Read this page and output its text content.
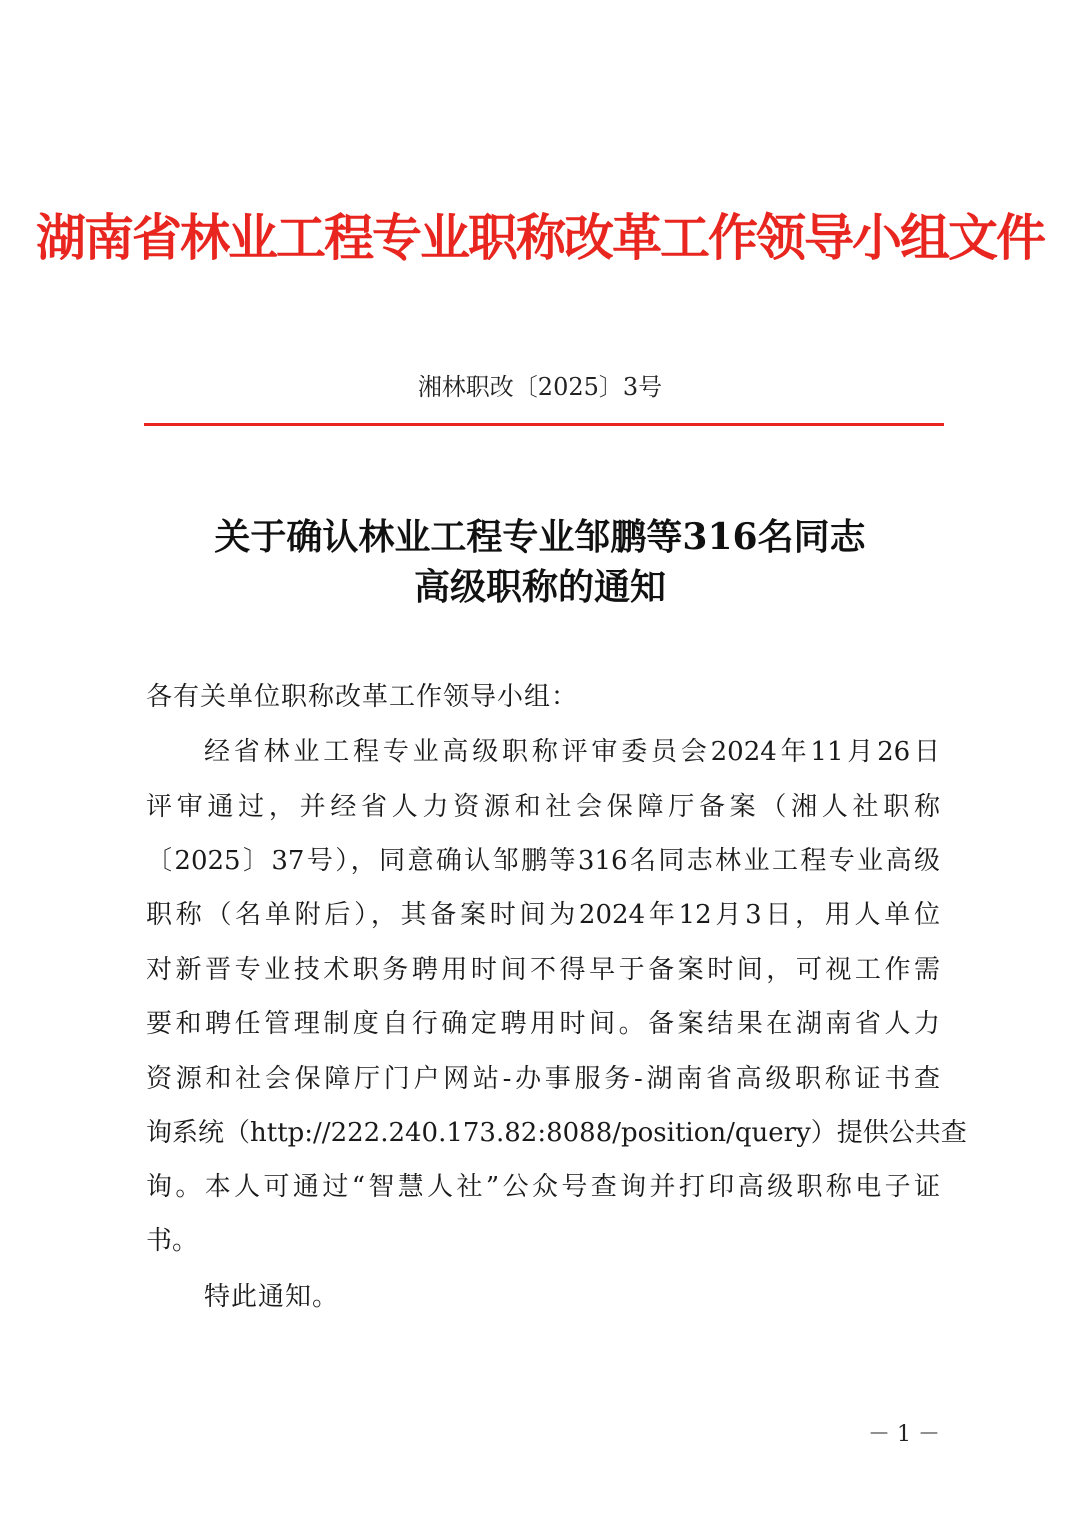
湖南省林业工程专业职称改革工作领导小组文件
湘林职改〔2025〕3号
关于确认林业工程专业邹鹏等316名同志
高级职称的通知
各有关单位职称改革工作领导小组：
经省林业工程专业高级职称评审委员会2024年11月26日
评审通过，并经省人力资源和社会保障厅备案（湘人社职称
〔2025〕37号），同意确认邹鹏等316名同志林业工程专业高级
职称（名单附后），其备案时间为2024年12月3日，用人单位
对新晋专业技术职务聘用时间不得早于备案时间，可视工作需
要和聘任管理制度自行确定聘用时间。备案结果在湖南省人力
资源和社会保障厅门户网站-办事服务-湖南省高级职称证书查
询系统（http://222.240.173.82:8088/position/query）提供公共查
询。本人可通过“智慧人社”公众号查询并打印高级职称电子证
书。
特此通知。
－ 1 －
